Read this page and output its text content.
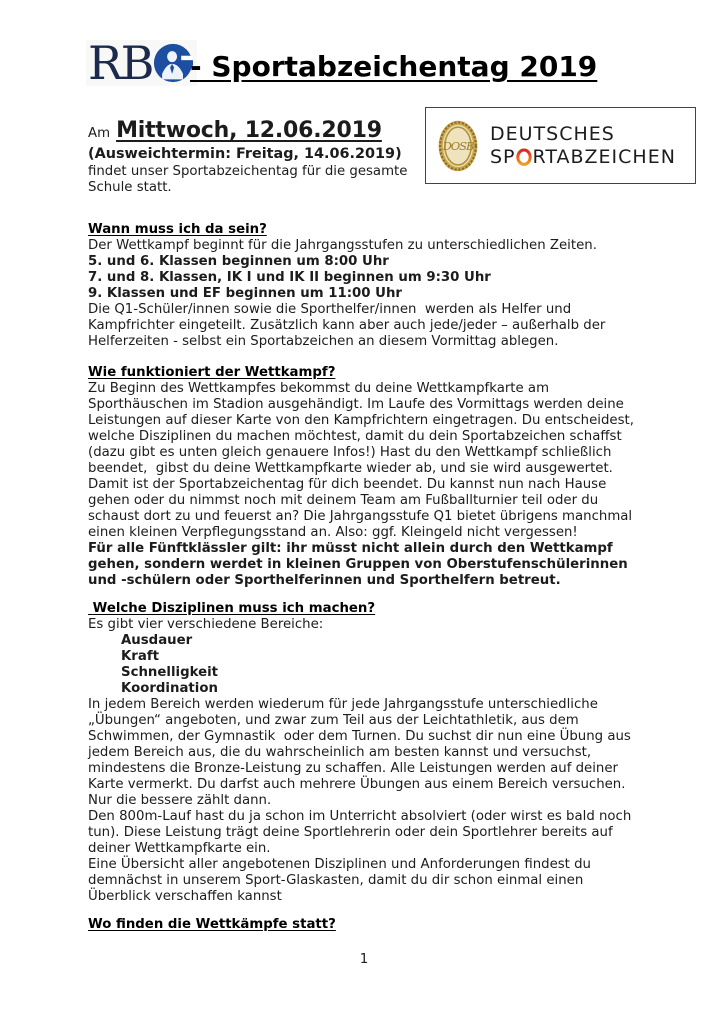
RB - Sportabzeichentag 2019
Am Mittwoch, 12.06.2019
(Ausweichtermin: Freitag, 14.06.2019)

findet unser Sportabzeichentag für die gesamte Schule statt.

DOSB
DEUTSCHES
SP RTABZEICHEN
Wann muss ich da sein?

Der Wettkampf beginnt für die Jahrgangsstufen zu unterschiedlichen Zeiten.

5. und 6. Klassen beginnen um 8:00 Uhr

7. und 8. Klassen, IK I und IK II beginnen um 9:30 Uhr

9. Klassen und EF beginnen um 11:00 Uhr

Die Q1-Schüler/innen sowie die Sporthelfer/innen  werden als Helfer und Kampfrichter eingeteilt. Zusätzlich kann aber auch jede/jeder – außerhalb der Helferzeiten - selbst ein Sportabzeichen an diesem Vormittag ablegen.

Wie funktioniert der Wettkampf?

Zu Beginn des Wettkampfes bekommst du deine Wettkampfkarte am Sporthäuschen im Stadion ausgehändigt. Im Laufe des Vormittags werden deine Leistungen auf dieser Karte von den Kampfrichtern eingetragen. Du entscheidest, welche Disziplinen du machen möchtest, damit du dein Sportabzeichen schaffst (dazu gibt es unten gleich genauere Infos!) Hast du den Wettkampf schließlich beendet,  gibst du deine Wettkampfkarte wieder ab, und sie wird ausgewertet. Damit ist der Sportabzeichentag für dich beendet. Du kannst nun nach Hause gehen oder du nimmst noch mit deinem Team am Fußballturnier teil oder du schaust dort zu und feuerst an? Die Jahrgangsstufe Q1 bietet übrigens manchmal einen kleinen Verpflegungsstand an. Also: ggf. Kleingeld nicht vergessen!

Für alle Fünftklässler gilt: ihr müsst nicht allein durch den Wettkampf gehen, sondern werdet in kleinen Gruppen von Oberstufenschülerinnen und -schülern oder Sporthelferinnen und Sporthelfern betreut.

Welche Disziplinen muss ich machen?

Es gibt vier verschiedene Bereiche:

Ausdauer
Kraft
Schnelligkeit
Koordination

In jedem Bereich werden wiederum für jede Jahrgangsstufe unterschiedliche „Übungen“ angeboten, und zwar zum Teil aus der Leichtathletik, aus dem Schwimmen, der Gymnastik  oder dem Turnen. Du suchst dir nun eine Übung aus jedem Bereich aus, die du wahrscheinlich am besten kannst und versuchst, mindestens die Bronze-Leistung zu schaffen. Alle Leistungen werden auf deiner Karte vermerkt. Du darfst auch mehrere Übungen aus einem Bereich versuchen. Nur die bessere zählt dann.

Den 800m-Lauf hast du ja schon im Unterricht absolviert (oder wirst es bald noch tun). Diese Leistung trägt deine Sportlehrerin oder dein Sportlehrer bereits auf deiner Wettkampfkarte ein.

Eine Übersicht aller angebotenen Disziplinen und Anforderungen findest du demnächst in unserem Sport-Glaskasten, damit du dir schon einmal einen Überblick verschaffen kannst

Wo finden die Wettkämpfe statt?
1
